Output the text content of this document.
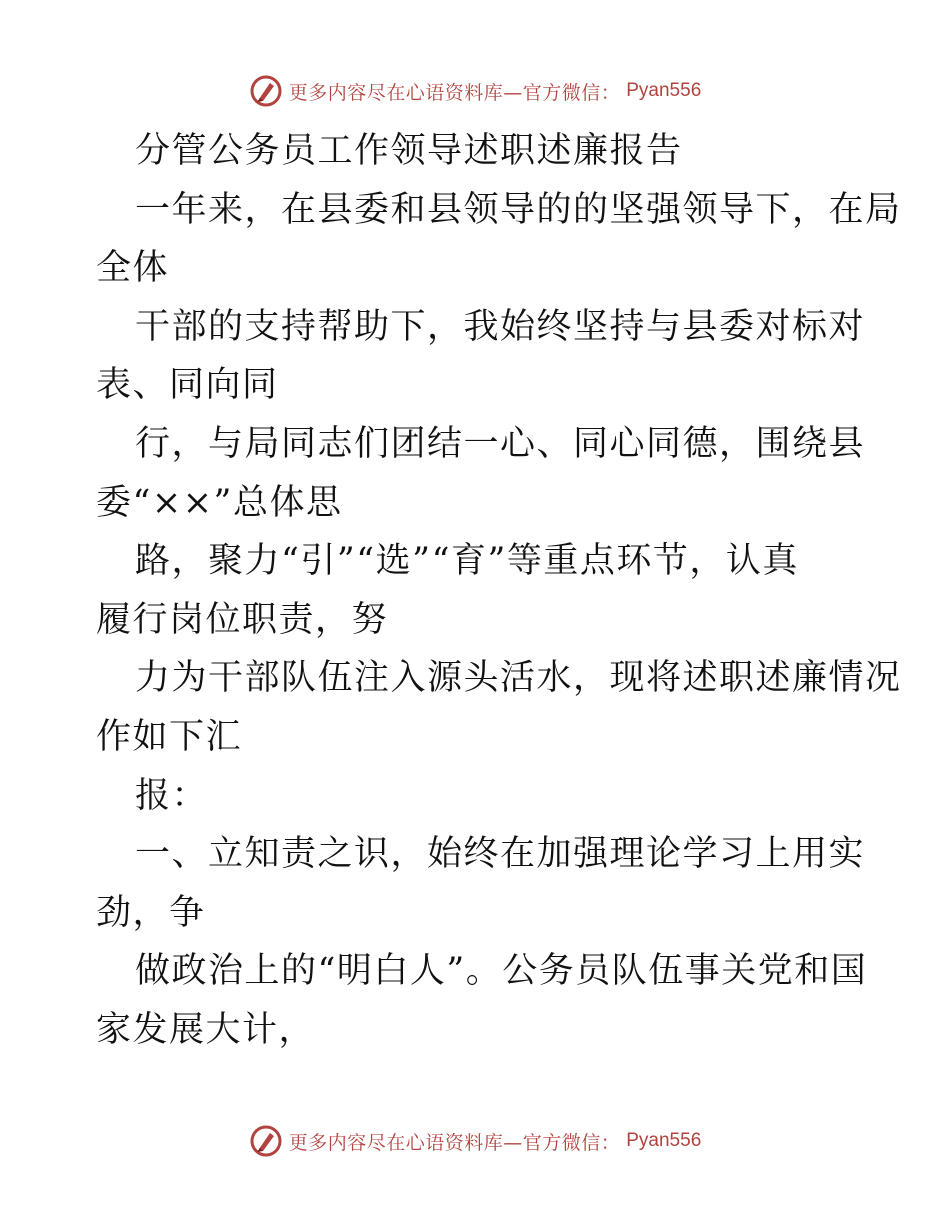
更多内容尽在心语资料库—官方微信： Pyan556
分管公务员工作领导述职述廉报告
一年来，在县委和县领导的的坚强领导下，在局
全体
干部的支持帮助下，我始终坚持与县委对标对
表、同向同
行，与局同志们团结一心、同心同德，围绕县
委“××”总体思
路，聚力“引”“选”“育”等重点环节，认真
履行岗位职责，努
力为干部队伍注入源头活水，现将述职述廉情况
作如下汇
报：
一、立知责之识，始终在加强理论学习上用实
劲，争
做政治上的“明白人”。公务员队伍事关党和国
家发展大计，
更多内容尽在心语资料库—官方微信： Pyan556
